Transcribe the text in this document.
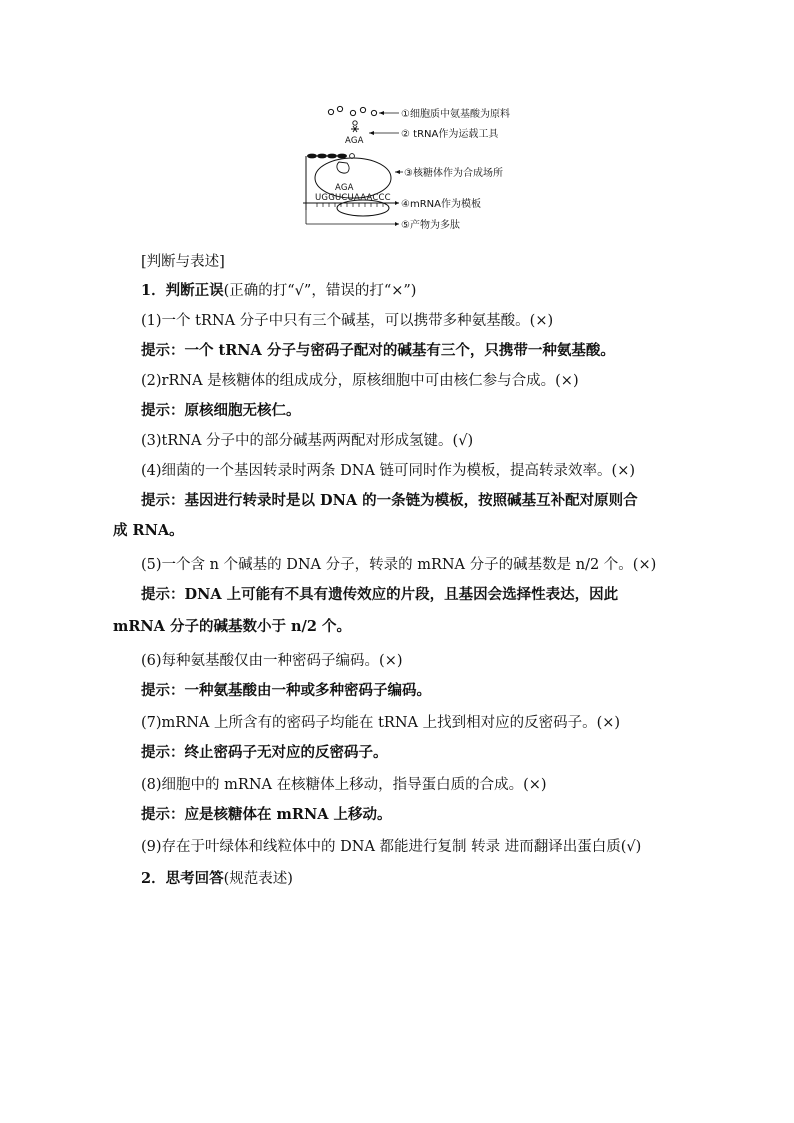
①细胞质中氨基酸为原料
AGA
② tRNA作为运载工具
AGA
③核糖体作为合成场所
UGGUCUAAACCC
④mRNA作为模板
⑤产物为多肽
[判断与表述]
1．判断正误(正确的打“√”，错误的打“×”)
(1)一个 tRNA 分子中只有三个碱基，可以携带多种氨基酸。(×)
提示：一个 tRNA 分子与密码子配对的碱基有三个，只携带一种氨基酸。
(2)rRNA 是核糖体的组成成分，原核细胞中可由核仁参与合成。(×)
提示：原核细胞无核仁。
(3)tRNA 分子中的部分碱基两两配对形成氢键。(√)
(4)细菌的一个基因转录时两条 DNA 链可同时作为模板，提高转录效率。(×)
提示：基因进行转录时是以 DNA 的一条链为模板，按照碱基互补配对原则合
成 RNA。
(5)一个含 n 个碱基的 DNA 分子，转录的 mRNA 分子的碱基数是 n/2 个。(×)
提示：DNA 上可能有不具有遗传效应的片段，且基因会选择性表达，因此
mRNA 分子的碱基数小于 n/2 个。
(6)每种氨基酸仅由一种密码子编码。(×)
提示：一种氨基酸由一种或多种密码子编码。
(7)mRNA 上所含有的密码子均能在 tRNA 上找到相对应的反密码子。(×)
提示：终止密码子无对应的反密码子。
(8)细胞中的 mRNA 在核糖体上移动，指导蛋白质的合成。(×)
提示：应是核糖体在 mRNA 上移动。
(9)存在于叶绿体和线粒体中的 DNA 都能进行复制 转录 进而翻译出蛋白质(√)
2．思考回答(规范表述)
